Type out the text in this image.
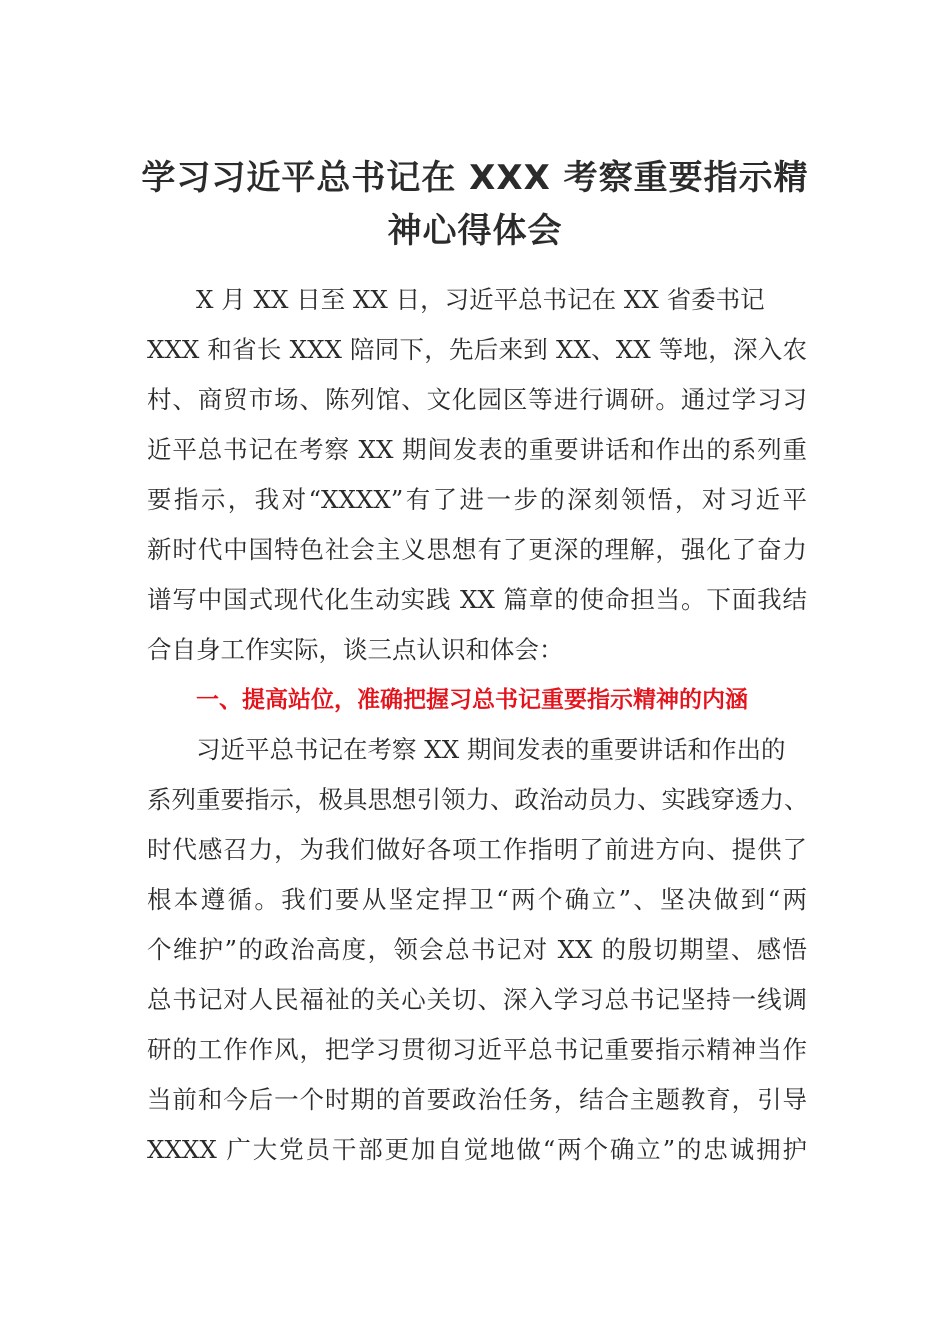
学习习近平总书记在 XXX 考察重要指示精
神心得体会
X 月 XX 日至 XX 日，习近平总书记在 XX 省委书记
XXX 和省长 XXX 陪同下，先后来到 XX、XX 等地，深入农
村、商贸市场、陈列馆、文化园区等进行调研。通过学习习
近平总书记在考察 XX 期间发表的重要讲话和作出的系列重
要指示，我对“XXXX”有了进一步的深刻领悟，对习近平
新时代中国特色社会主义思想有了更深的理解，强化了奋力
谱写中国式现代化生动实践 XX 篇章的使命担当。下面我结
合自身工作实际，谈三点认识和体会：
一、提高站位，准确把握习总书记重要指示精神的内涵
习近平总书记在考察 XX 期间发表的重要讲话和作出的
系列重要指示，极具思想引领力、政治动员力、实践穿透力、
时代感召力，为我们做好各项工作指明了前进方向、提供了
根本遵循。我们要从坚定捍卫“两个确立”、坚决做到“两
个维护”的政治高度，领会总书记对 XX 的殷切期望、感悟
总书记对人民福祉的关心关切、深入学习总书记坚持一线调
研的工作作风，把学习贯彻习近平总书记重要指示精神当作
当前和今后一个时期的首要政治任务，结合主题教育，引导
XXXX 广大党员干部更加自觉地做“两个确立”的忠诚拥护
